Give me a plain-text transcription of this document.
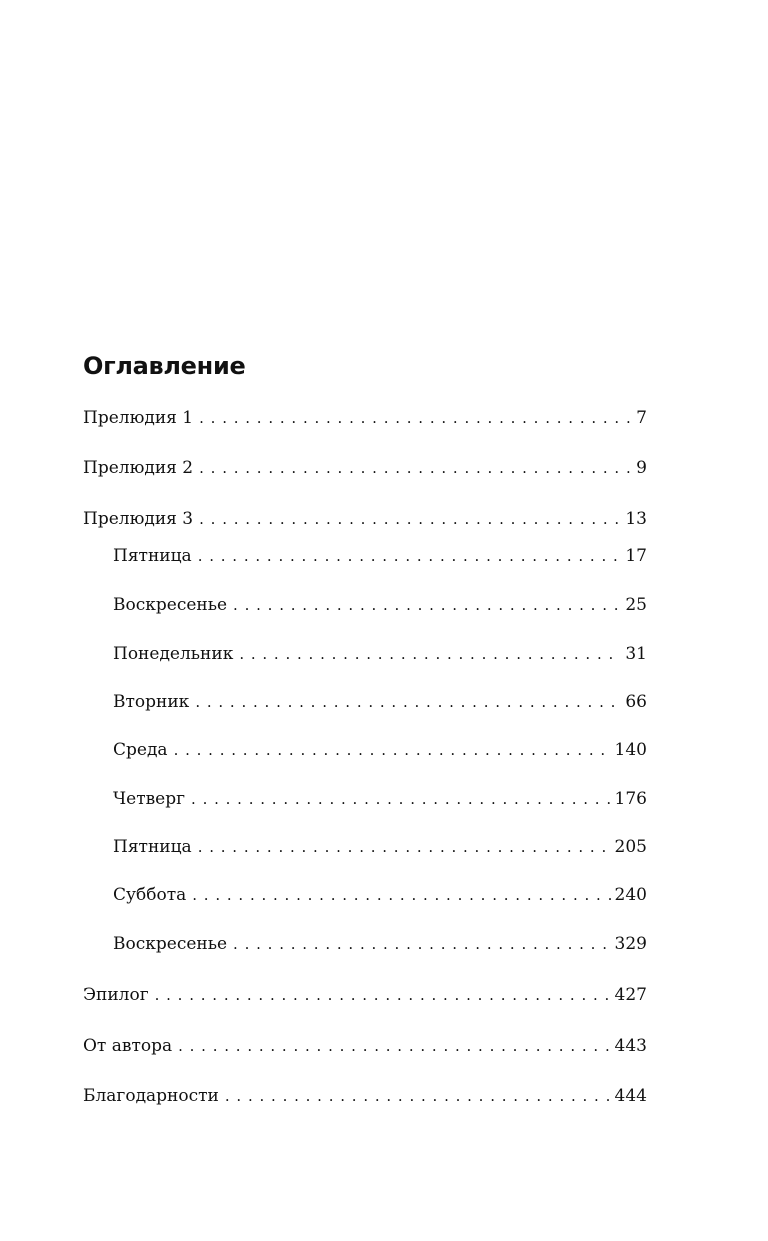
Оглавление
Прелюдия 1 . . .	7
Прелюдия 2 . . .	9
Прелюдия 3 . . .	13
Пятница . . .	17
Воскресенье . . .	25
Понедельник . . .	31
Вторник . . .	66
Среда . . .	140
Четверг . . .	176
Пятница . . .	205
Суббота . . .	240
Воскресенье . . .	329
Эпилог . . .	427
От автора . . .	443
Благодарности . . .	444
